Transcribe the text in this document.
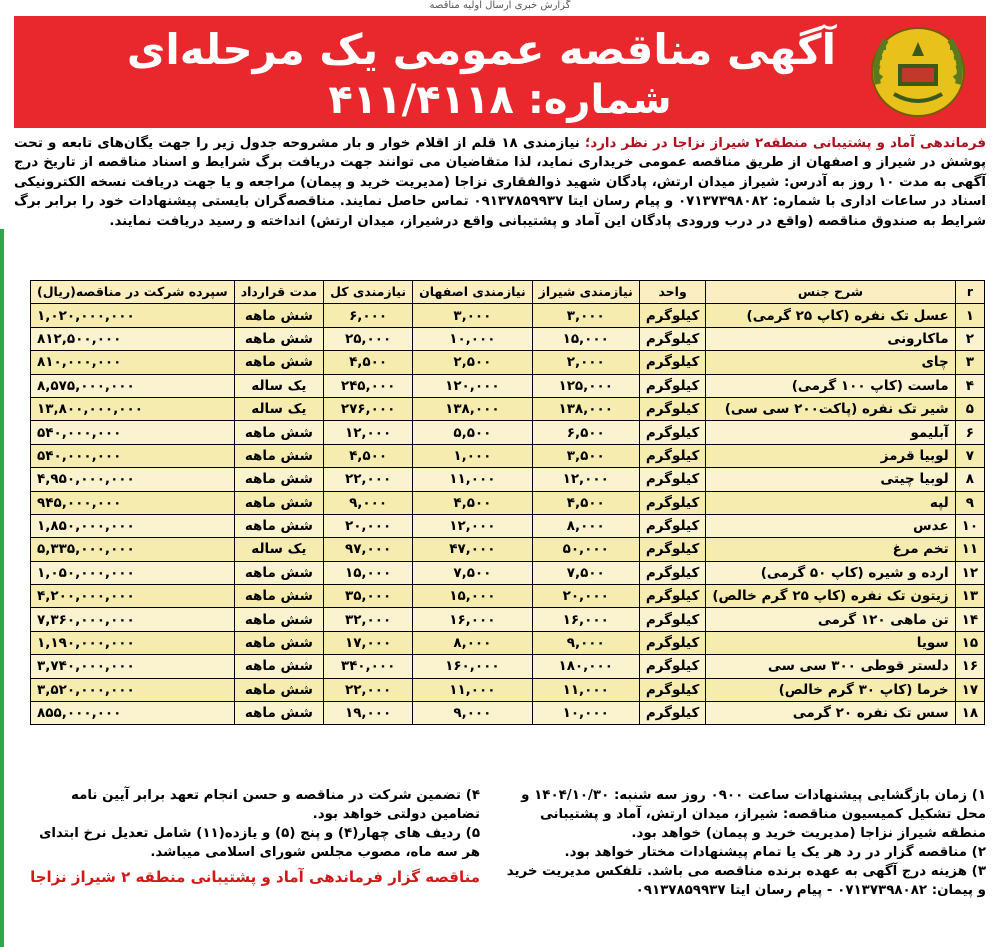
گزارش خبری ارسال اولیه مناقصه
آگهی مناقصه عمومی یک مرحله‌ای
شماره: ۴۱۱/۴۱۱۸
فرماندهی آماد و پشتیبانی منطقه۲ شیراز نزاجا در نظر دارد؛ نیازمندی ۱۸ قلم از اقلام خوار و بار مشروحه جدول زیر را جهت یگان‌های تابعه و تحت پوشش در شیراز و اصفهان از طریق مناقصه عمومی خریداری نماید، لذا متقاضیان می توانند جهت دریافت برگ شرایط و اسناد مناقصه از تاریخ درج آگهی به مدت ۱۰ روز به آدرس: شیراز میدان ارتش، پادگان شهید ذوالفقاری نزاجا (مدیریت خرید و پیمان) مراجعه و یا جهت دریافت نسخه الکترونیکی اسناد در ساعات اداری با شماره: ۰۷۱۳۷۳۹۸۰۸۲ و پیام رسان ایتا ۰۹۱۳۷۸۵۹۹۳۷ تماس حاصل نمایند. مناقصه‌گران بایستی پیشنهادات خود را برابر برگ شرایط به صندوق مناقصه (واقع در درب ورودی پادگان این آماد و پشتیبانی واقع درشیراز، میدان ارتش) انداخته و رسید دریافت نمایند.
r	شرح جنس	واحد	نیازمندی شیراز	نیازمندی اصفهان	نیازمندی کل	مدت قرارداد	سپرده شرکت در مناقصه(ریال)
۱	عسل تک نفره (کاپ ۲۵ گرمی)	کیلوگرم	۳,۰۰۰	۳,۰۰۰	۶,۰۰۰	شش ماهه	۱,۰۲۰,۰۰۰,۰۰۰
۲	ماکارونی	کیلوگرم	۱۵,۰۰۰	۱۰,۰۰۰	۲۵,۰۰۰	شش ماهه	۸۱۲,۵۰۰,۰۰۰
۳	چای	کیلوگرم	۲,۰۰۰	۲,۵۰۰	۴,۵۰۰	شش ماهه	۸۱۰,۰۰۰,۰۰۰
۴	ماست (کاپ ۱۰۰ گرمی)	کیلوگرم	۱۲۵,۰۰۰	۱۲۰,۰۰۰	۲۴۵,۰۰۰	یک ساله	۸,۵۷۵,۰۰۰,۰۰۰
۵	شیر تک نفره (پاکت۲۰۰ سی سی)	کیلوگرم	۱۳۸,۰۰۰	۱۳۸,۰۰۰	۲۷۶,۰۰۰	یک ساله	۱۳,۸۰۰,۰۰۰,۰۰۰
۶	آبلیمو	کیلوگرم	۶,۵۰۰	۵,۵۰۰	۱۲,۰۰۰	شش ماهه	۵۴۰,۰۰۰,۰۰۰
۷	لوبیا قرمز	کیلوگرم	۳,۵۰۰	۱,۰۰۰	۴,۵۰۰	شش ماهه	۵۴۰,۰۰۰,۰۰۰
۸	لوبیا چیتی	کیلوگرم	۱۲,۰۰۰	۱۱,۰۰۰	۲۲,۰۰۰	شش ماهه	۴,۹۵۰,۰۰۰,۰۰۰
۹	لپه	کیلوگرم	۴,۵۰۰	۴,۵۰۰	۹,۰۰۰	شش ماهه	۹۴۵,۰۰۰,۰۰۰
۱۰	عدس	کیلوگرم	۸,۰۰۰	۱۲,۰۰۰	۲۰,۰۰۰	شش ماهه	۱,۸۵۰,۰۰۰,۰۰۰
۱۱	تخم مرغ	کیلوگرم	۵۰,۰۰۰	۴۷,۰۰۰	۹۷,۰۰۰	یک ساله	۵,۳۳۵,۰۰۰,۰۰۰
۱۲	ارده و شیره (کاپ ۵۰ گرمی)	کیلوگرم	۷,۵۰۰	۷,۵۰۰	۱۵,۰۰۰	شش ماهه	۱,۰۵۰,۰۰۰,۰۰۰
۱۳	زیتون تک نفره (کاپ ۲۵ گرم خالص)	کیلوگرم	۲۰,۰۰۰	۱۵,۰۰۰	۳۵,۰۰۰	شش ماهه	۴,۲۰۰,۰۰۰,۰۰۰
۱۴	تن ماهی ۱۲۰ گرمی	کیلوگرم	۱۶,۰۰۰	۱۶,۰۰۰	۳۲,۰۰۰	شش ماهه	۷,۳۶۰,۰۰۰,۰۰۰
۱۵	سویا	کیلوگرم	۹,۰۰۰	۸,۰۰۰	۱۷,۰۰۰	شش ماهه	۱,۱۹۰,۰۰۰,۰۰۰
۱۶	دلستر قوطی ۳۰۰ سی سی	کیلوگرم	۱۸۰,۰۰۰	۱۶۰,۰۰۰	۳۴۰,۰۰۰	شش ماهه	۳,۷۴۰,۰۰۰,۰۰۰
۱۷	خرما (کاپ ۳۰ گرم خالص)	کیلوگرم	۱۱,۰۰۰	۱۱,۰۰۰	۲۲,۰۰۰	شش ماهه	۳,۵۲۰,۰۰۰,۰۰۰
۱۸	سس تک نفره ۲۰ گرمی	کیلوگرم	۱۰,۰۰۰	۹,۰۰۰	۱۹,۰۰۰	شش ماهه	۸۵۵,۰۰۰,۰۰۰

۱) زمان بازگشایی پیشنهادات ساعت ۰۹۰۰ روز سه شنبه: ۱۴۰۴/۱۰/۳۰ و محل تشکیل کمیسیون مناقصه: شیراز، میدان ارتش، آماد و پشتیبانی منطقه شیراز نزاجا (مدیریت خرید و پیمان) خواهد بود.

۲) مناقصه گزار در رد هر یک یا تمام پیشنهادات مختار خواهد بود.

۳) هزینه درج آگهی به عهده برنده مناقصه می باشد. تلفکس مدیریت خرید و پیمان: ۰۷۱۳۷۳۹۸۰۸۲ - پیام رسان ایتا ۰۹۱۳۷۸۵۹۹۳۷

۴) تضمین شرکت در مناقصه و حسن انجام تعهد برابر آیین نامه تضامین دولتی خواهد بود.

۵) ردیف های چهار(۴) و پنج (۵) و یازده(۱۱) شامل تعدیل نرخ ابتدای هر سه ماه، مصوب مجلس شورای اسلامی میباشد.

مناقصه گزار فرماندهی آماد و پشتیبانی منطقه ۲ شیراز نزاجا
